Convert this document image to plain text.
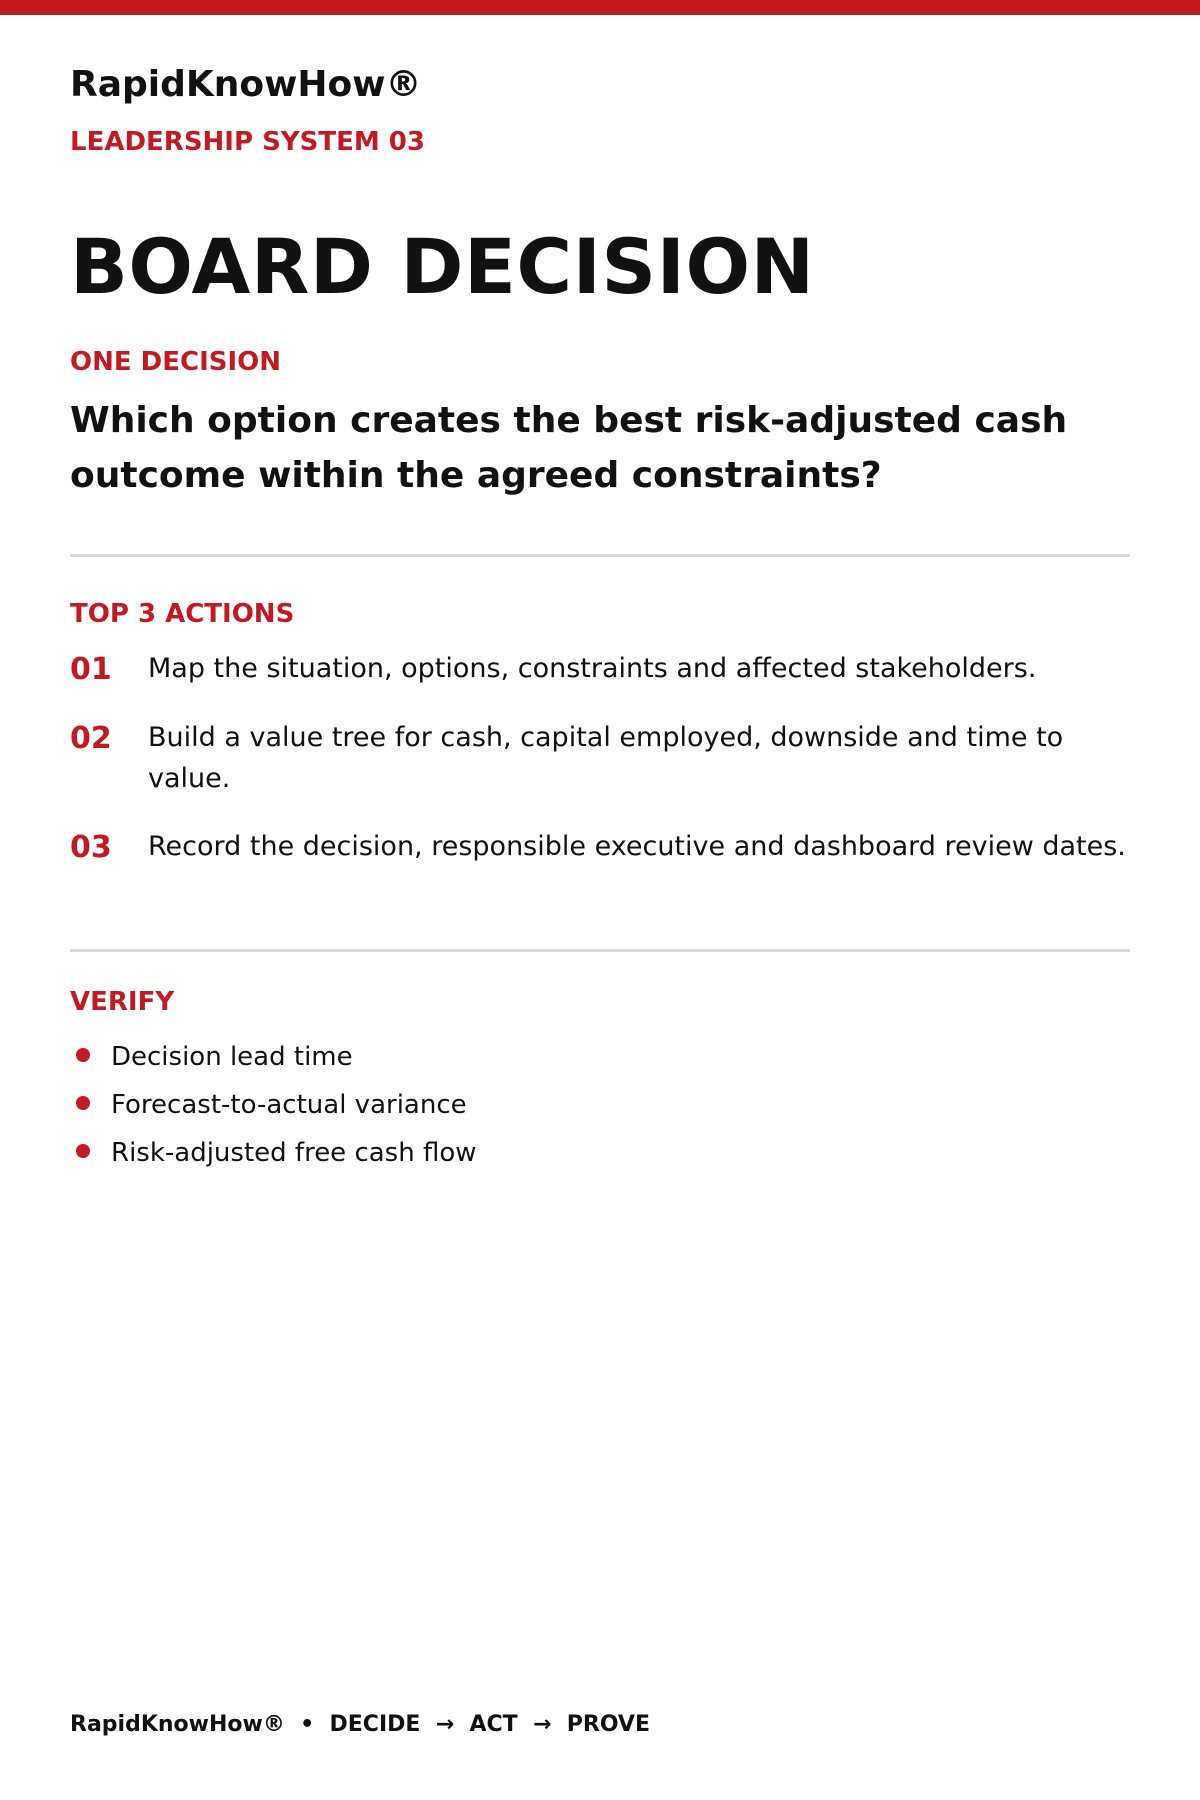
RapidKnowHow®
LEADERSHIP SYSTEM 03
BOARD DECISION
ONE DECISION
Which option creates the best risk-adjusted cash outcome within the agreed constraints?
TOP 3 ACTIONS
01 Map the situation, options, constraints and affected stakeholders.
02 Build a value tree for cash, capital employed, downside and time to value.
03 Record the decision, responsible executive and dashboard review dates.
VERIFY
Decision lead time
Forecast-to-actual variance
Risk-adjusted free cash flow
RapidKnowHow®  •  DECIDE  →  ACT  →  PROVE
